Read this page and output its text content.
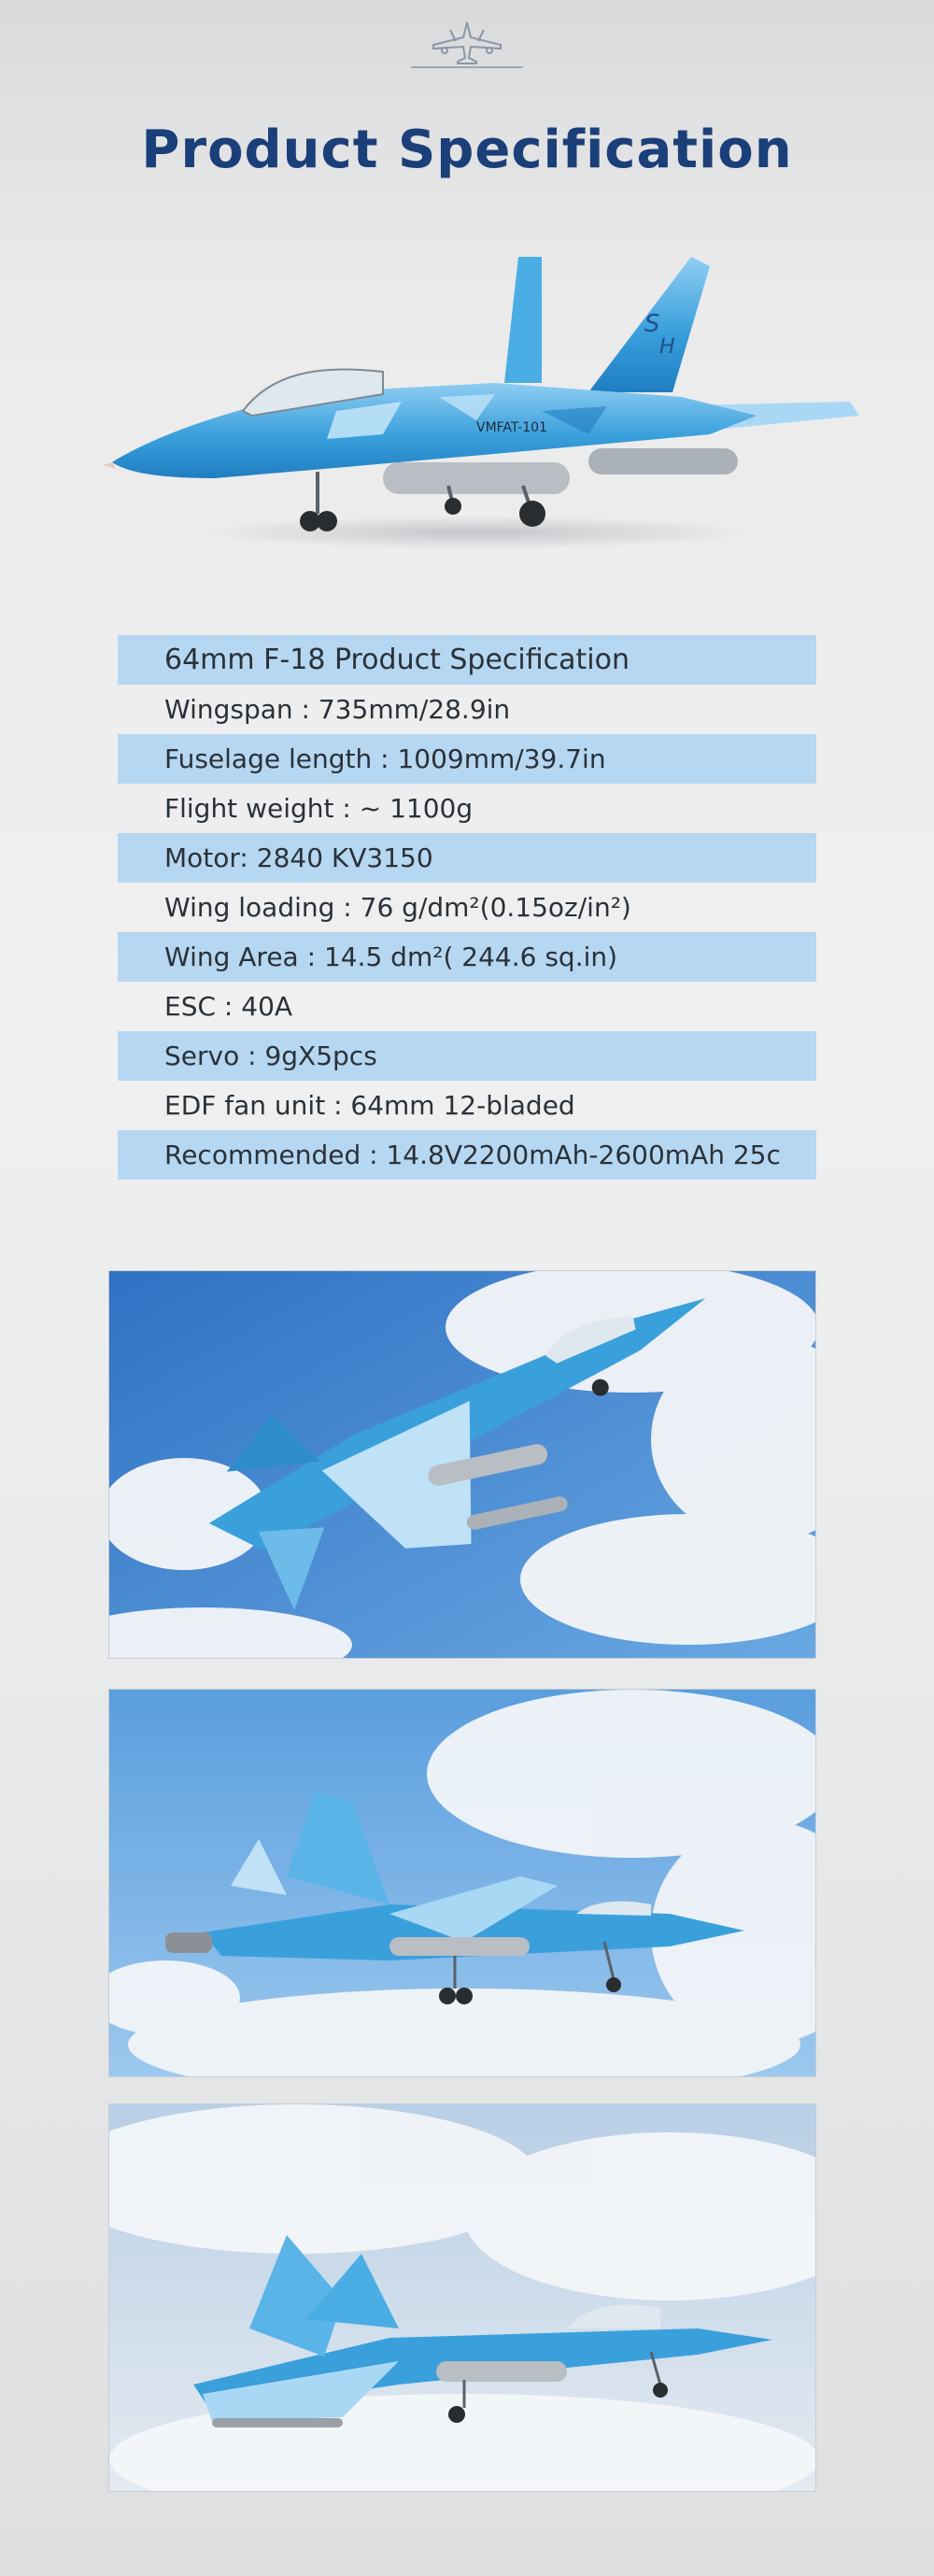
Product Specification
S
H
VMFAT-101
64mm F-18 Product Specification
Wingspan : 735mm/28.9in
Fuselage length : 1009mm/39.7in
Flight weight : ~ 1100g
Motor: 2840 KV3150
Wing loading : 76 g/dm²(0.15oz/in²)
Wing Area : 14.5 dm²( 244.6 sq.in)
ESC : 40A
Servo : 9gX5pcs
EDF fan unit : 64mm 12-bladed
Recommended : 14.8V2200mAh-2600mAh 25c
